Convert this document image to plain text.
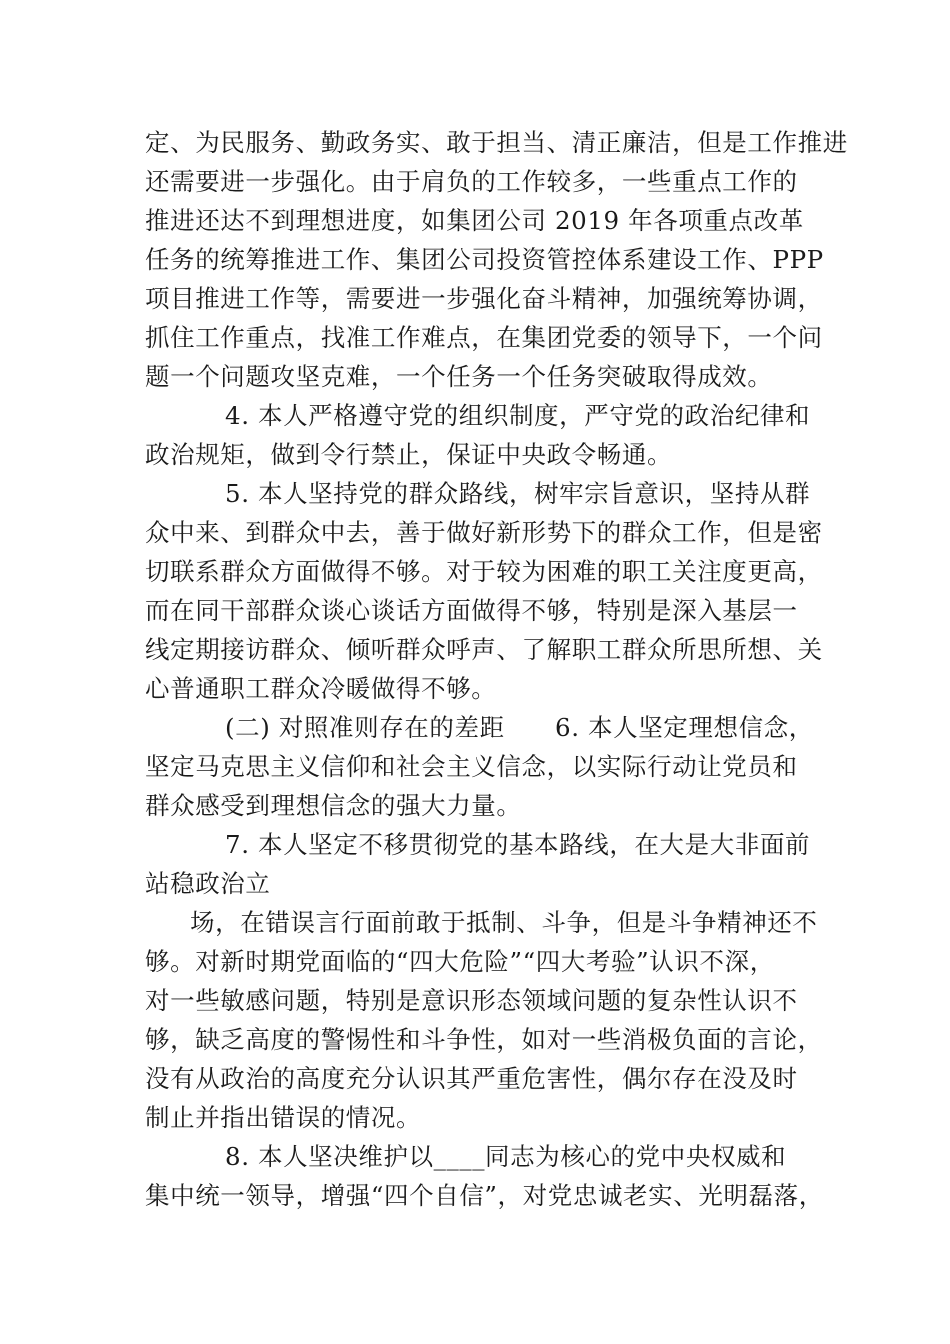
定、为民服务、勤政务实、敢于担当、清正廉洁，但是工作推进
还需要进一步强化。由于肩负的工作较多，一些重点工作的
推进还达不到理想进度，如集团公司 2019 年各项重点改革
任务的统筹推进工作、集团公司投资管控体系建设工作、PPP
项目推进工作等，需要进一步强化奋斗精神，加强统筹协调，
抓住工作重点，找准工作难点，在集团党委的领导下，一个问
题一个问题攻坚克难，一个任务一个任务突破取得成效。
4. 本人严格遵守党的组织制度，严守党的政治纪律和
政治规矩，做到令行禁止，保证中央政令畅通。
5. 本人坚持党的群众路线，树牢宗旨意识，坚持从群
众中来、到群众中去，善于做好新形势下的群众工作，但是密
切联系群众方面做得不够。对于较为困难的职工关注度更高，
而在同干部群众谈心谈话方面做得不够，特别是深入基层一
线定期接访群众、倾听群众呼声、了解职工群众所思所想、关
心普通职工群众冷暖做得不够。
(二) 对照准则存在的差距      6. 本人坚定理想信念，
坚定马克思主义信仰和社会主义信念，以实际行动让党员和
群众感受到理想信念的强大力量。
7. 本人坚定不移贯彻党的基本路线，在大是大非面前
站稳政治立
场，在错误言行面前敢于抵制、斗争，但是斗争精神还不
够。对新时期党面临的“四大危险”“四大考验”认识不深，
对一些敏感问题，特别是意识形态领域问题的复杂性认识不
够，缺乏高度的警惕性和斗争性，如对一些消极负面的言论，
没有从政治的高度充分认识其严重危害性，偶尔存在没及时
制止并指出错误的情况。
8. 本人坚决维护以____同志为核心的党中央权威和
集中统一领导，增强“四个自信”，对党忠诚老实、光明磊落，
